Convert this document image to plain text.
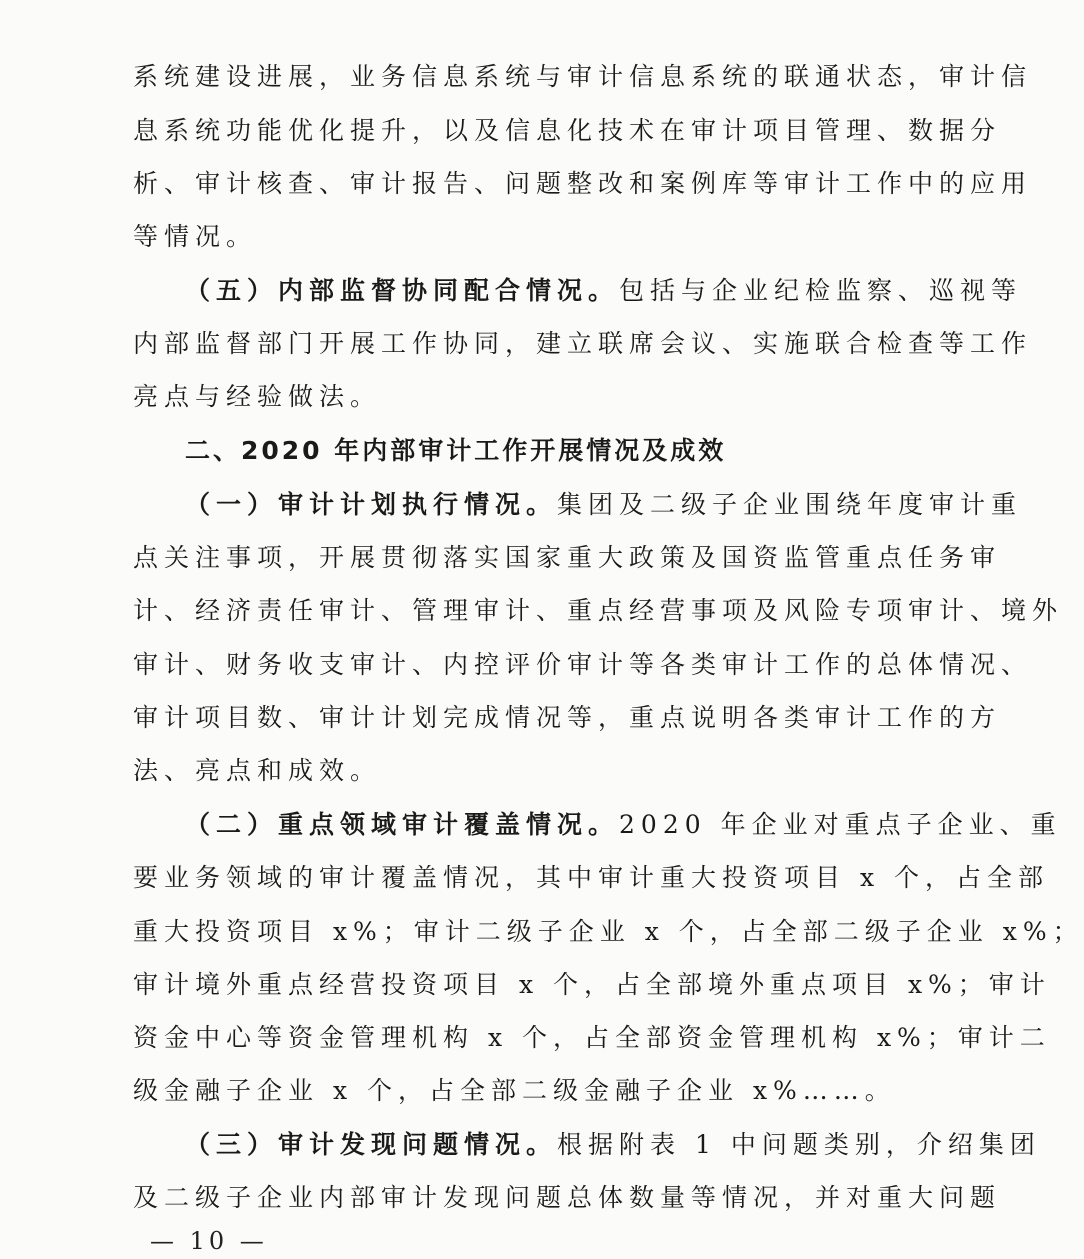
系统建设进展，业务信息系统与审计信息系统的联通状态，审计信
息系统功能优化提升，以及信息化技术在审计项目管理、数据分
析、审计核查、审计报告、问题整改和案例库等审计工作中的应用
等情况。
（五）内部监督协同配合情况。包括与企业纪检监察、巡视等
内部监督部门开展工作协同，建立联席会议、实施联合检查等工作
亮点与经验做法。
二、2020 年内部审计工作开展情况及成效
（一）审计计划执行情况。集团及二级子企业围绕年度审计重
点关注事项，开展贯彻落实国家重大政策及国资监管重点任务审
计、经济责任审计、管理审计、重点经营事项及风险专项审计、境外
审计、财务收支审计、内控评价审计等各类审计工作的总体情况、
审计项目数、审计计划完成情况等，重点说明各类审计工作的方
法、亮点和成效。
（二）重点领域审计覆盖情况。2020 年企业对重点子企业、重
要业务领域的审计覆盖情况，其中审计重大投资项目 x 个，占全部
重大投资项目 x%；审计二级子企业 x 个，占全部二级子企业 x%；
审计境外重点经营投资项目 x 个，占全部境外重点项目 x%；审计
资金中心等资金管理机构 x 个，占全部资金管理机构 x%；审计二
级金融子企业 x 个，占全部二级金融子企业 x%……。
（三）审计发现问题情况。根据附表 1 中问题类别，介绍集团
及二级子企业内部审计发现问题总体数量等情况，并对重大问题
— 10 —
